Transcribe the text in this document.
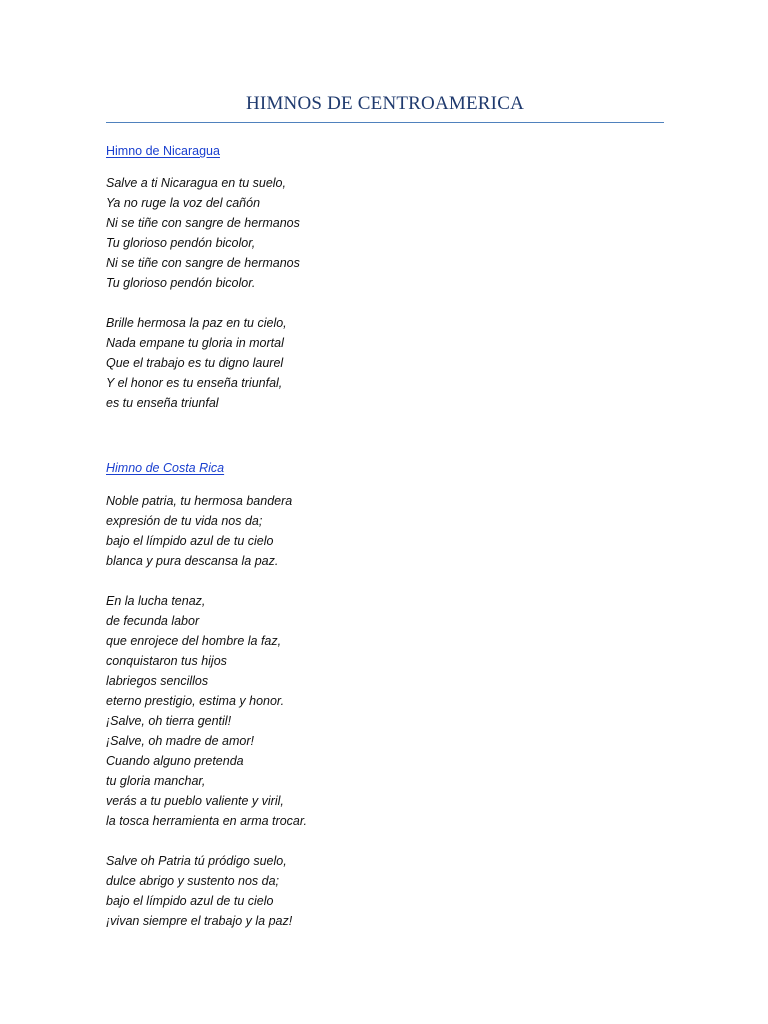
HIMNOS DE CENTROAMERICA
Himno de Nicaragua
Salve a ti Nicaragua en tu suelo,
Ya no ruge la voz del cañón
Ni se tiñe con sangre de hermanos
Tu glorioso pendón bicolor,
Ni se tiñe con sangre de hermanos
Tu glorioso pendón bicolor.
Brille hermosa la paz en tu cielo,
Nada empane tu gloria in mortal
Que el trabajo es tu digno laurel
Y el honor es tu enseña triunfal,
es tu enseña triunfal
Himno de Costa Rica
Noble patria, tu hermosa bandera
expresión de tu vida nos da;
bajo el límpido azul de tu cielo
blanca y pura descansa la paz.
En la lucha tenaz,
de fecunda labor
que enrojece del hombre la faz,
conquistaron tus hijos
labriegos sencillos
eterno prestigio, estima y honor.
¡Salve, oh tierra gentil!
¡Salve, oh madre de amor!
Cuando alguno pretenda
tu gloria manchar,
verás a tu pueblo valiente y viril,
la tosca herramienta en arma trocar.
Salve oh Patria tú pródigo suelo,
dulce abrigo y sustento nos da;
bajo el límpido azul de tu cielo
¡vivan siempre el trabajo y la paz!
